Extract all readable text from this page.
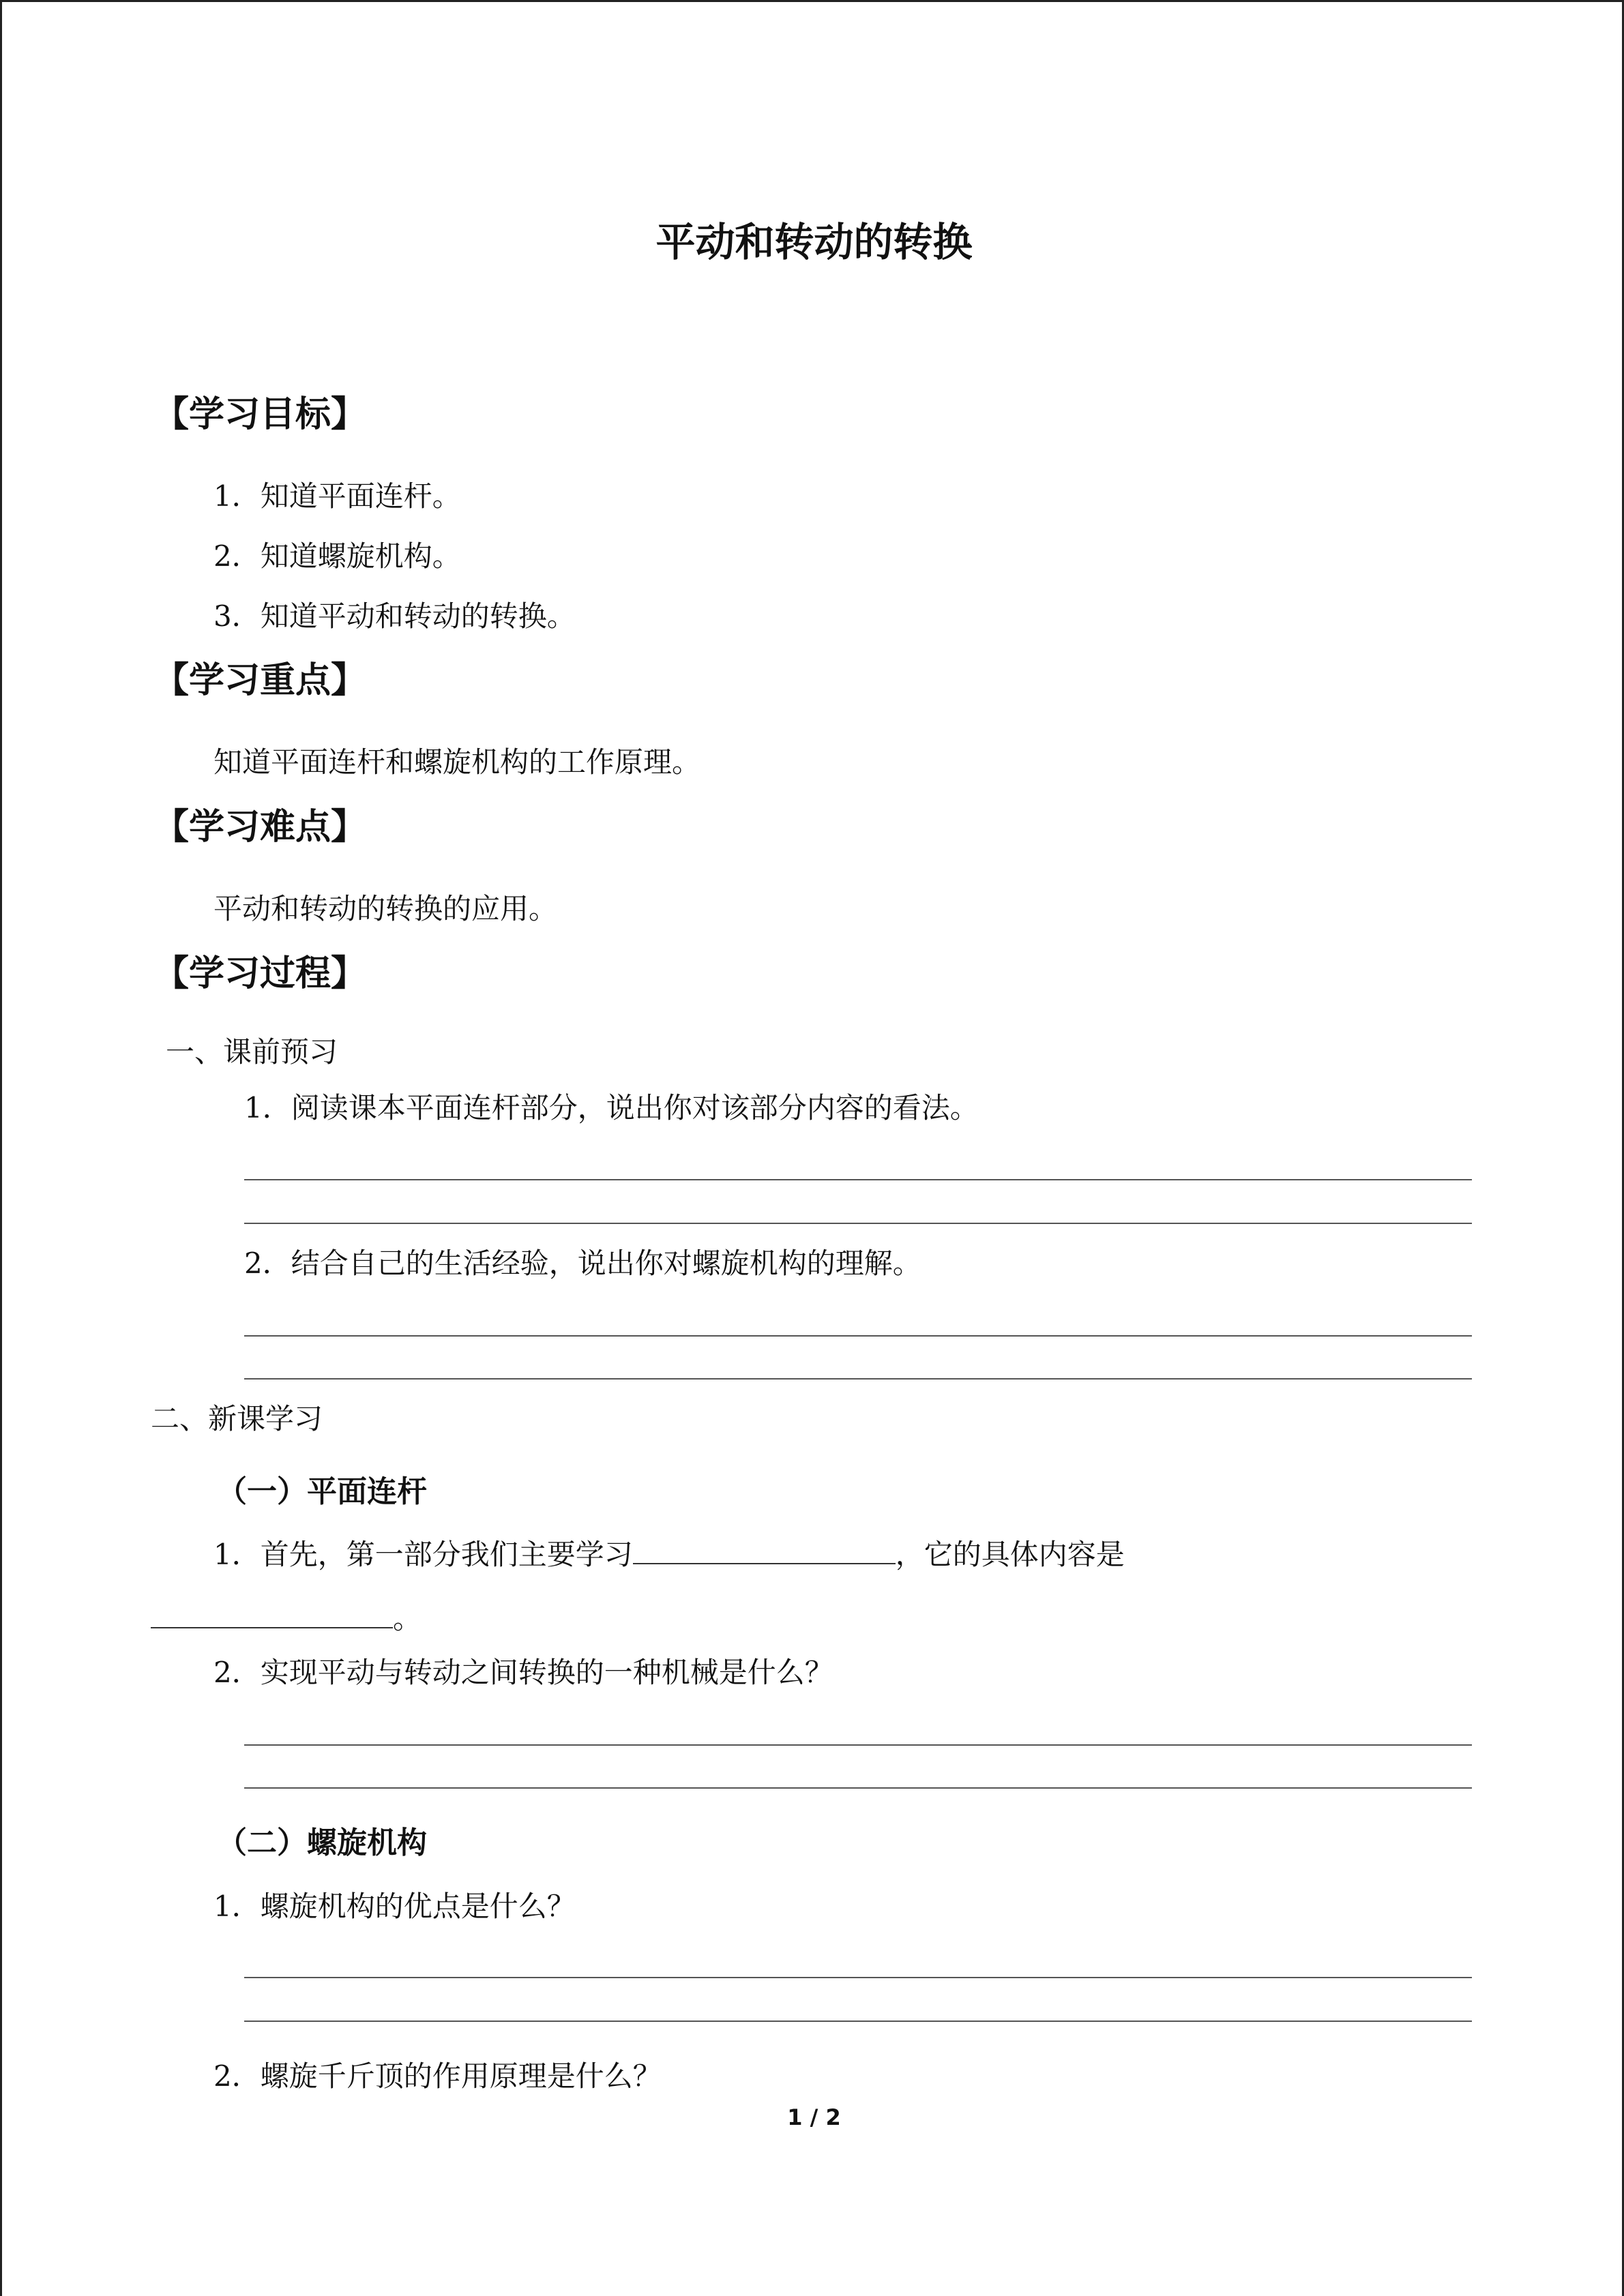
平动和转动的转换
【学习目标】
1．知道平面连杆。
2．知道螺旋机构。
3．知道平动和转动的转换。
【学习重点】
知道平面连杆和螺旋机构的工作原理。
【学习难点】
平动和转动的转换的应用。
【学习过程】
一、课前预习
1．阅读课本平面连杆部分，说出你对该部分内容的看法。
2．结合自己的生活经验，说出你对螺旋机构的理解。
二、新课学习
（一）平面连杆
1．首先，第一部分我们主要学习	，它的具体内容是
。
2．实现平动与转动之间转换的一种机械是什么？
（二）螺旋机构
1．螺旋机构的优点是什么？
2．螺旋千斤顶的作用原理是什么？
1 / 2
